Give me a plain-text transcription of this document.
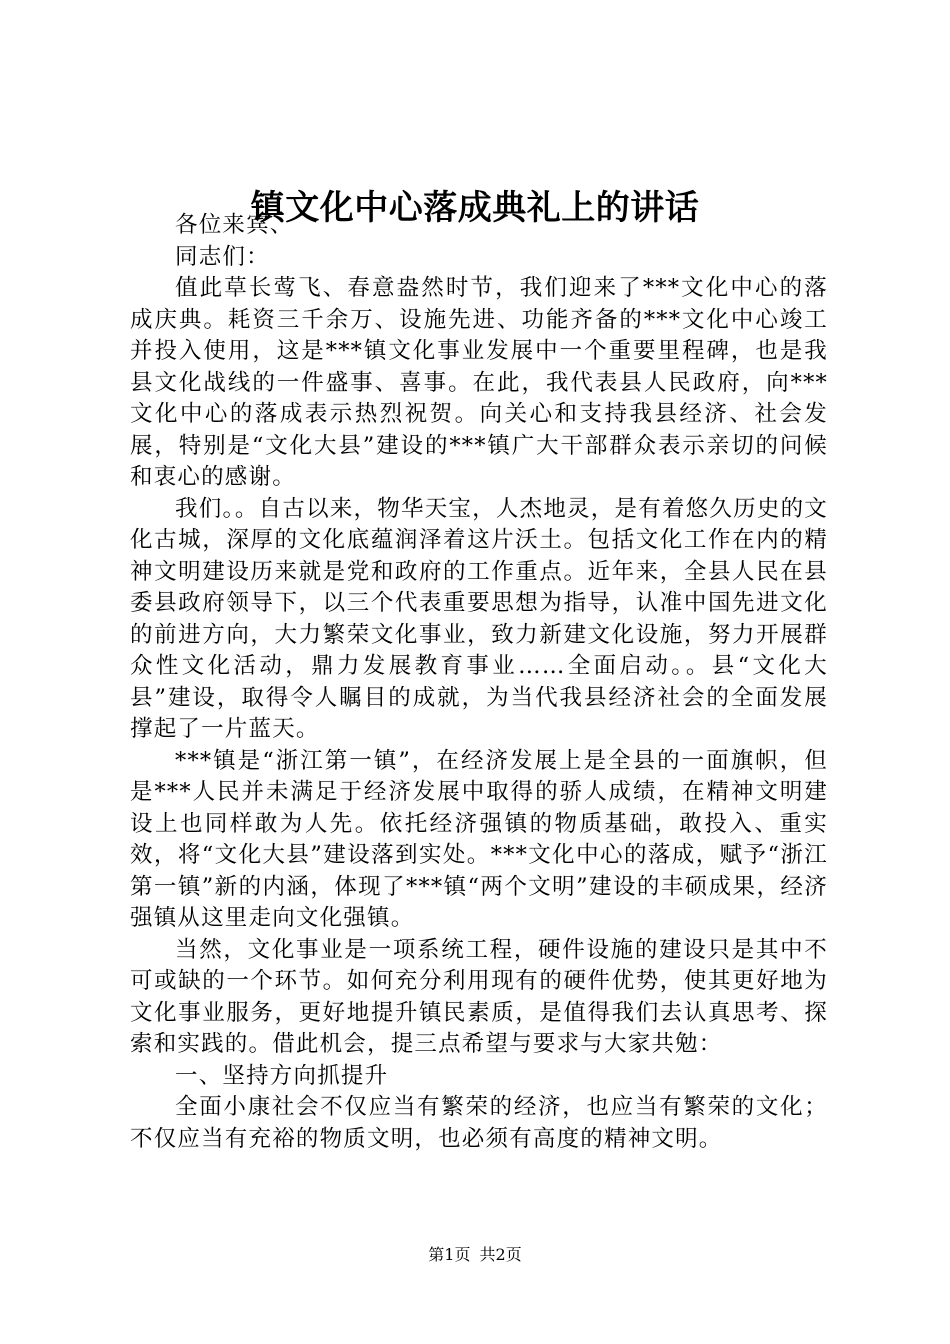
镇文化中心落成典礼上的讲话

各位来宾、

同志们：

值此草长莺飞、春意盎然时节，我们迎来了***文化中心的落成庆典。耗资三千余万、设施先进、功能齐备的***文化中心竣工并投入使用，这是***镇文化事业发展中一个重要里程碑，也是我县文化战线的一件盛事、喜事。在此，我代表县人民政府，向***文化中心的落成表示热烈祝贺。向关心和支持我县经济、社会发展，特别是“文化大县”建设的***镇广大干部群众表示亲切的问候和衷心的感谢。

我们。。自古以来，物华天宝，人杰地灵，是有着悠久历史的文化古城，深厚的文化底蕴润泽着这片沃土。包括文化工作在内的精神文明建设历来就是党和政府的工作重点。近年来，全县人民在县委县政府领导下，以三个代表重要思想为指导，认准中国先进文化的前进方向，大力繁荣文化事业，致力新建文化设施，努力开展群众性文化活动，鼎力发展教育事业……全面启动。。县“文化大县”建设，取得令人瞩目的成就，为当代我县经济社会的全面发展撑起了一片蓝天。

***镇是“浙江第一镇”，在经济发展上是全县的一面旗帜，但是***人民并未满足于经济发展中取得的骄人成绩，在精神文明建设上也同样敢为人先。依托经济强镇的物质基础，敢投入、重实效，将“文化大县”建设落到实处。***文化中心的落成，赋予“浙江第一镇”新的内涵，体现了***镇“两个文明”建设的丰硕成果，经济强镇从这里走向文化强镇。

当然，文化事业是一项系统工程，硬件设施的建设只是其中不可或缺的一个环节。如何充分利用现有的硬件优势，使其更好地为文化事业服务，更好地提升镇民素质，是值得我们去认真思考、探索和实践的。借此机会，提三点希望与要求与大家共勉：

一、坚持方向抓提升

全面小康社会不仅应当有繁荣的经济，也应当有繁荣的文化；不仅应当有充裕的物质文明，也必须有高度的精神文明。

第1页 共2页
